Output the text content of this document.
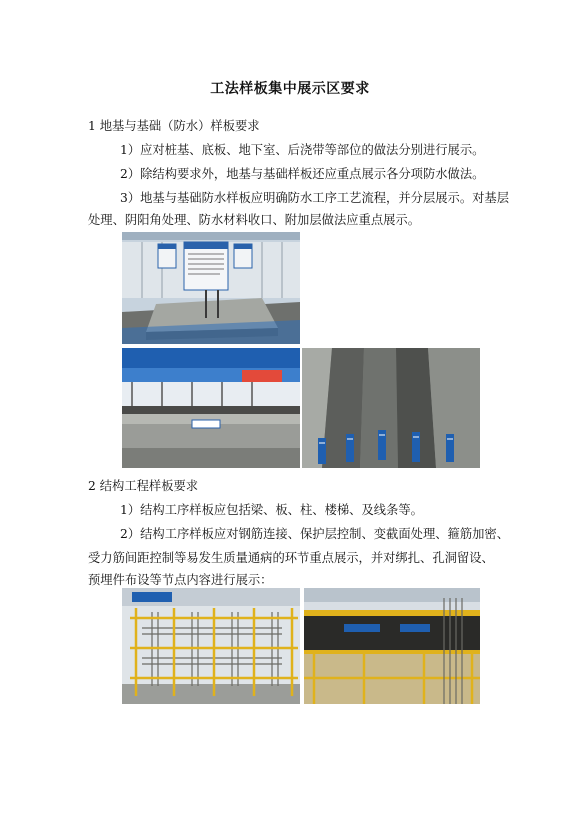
工法样板集中展示区要求
1 地基与基础（防水）样板要求
1）应对桩基、底板、地下室、后浇带等部位的做法分别进行展示。
2）除结构要求外，地基与基础样板还应重点展示各分项防水做法。
3）地基与基础防水样板应明确防水工序工艺流程，并分层展示。对基层
处理、阴阳角处理、防水材料收口、附加层做法应重点展示。
2 结构工程样板要求
1）结构工序样板应包括梁、板、柱、楼梯、及线条等。
2）结构工序样板应对钢筋连接、保护层控制、变截面处理、箍筋加密、
受力筋间距控制等易发生质量通病的环节重点展示，并对绑扎、孔洞留设、
预埋件布设等节点内容进行展示：
